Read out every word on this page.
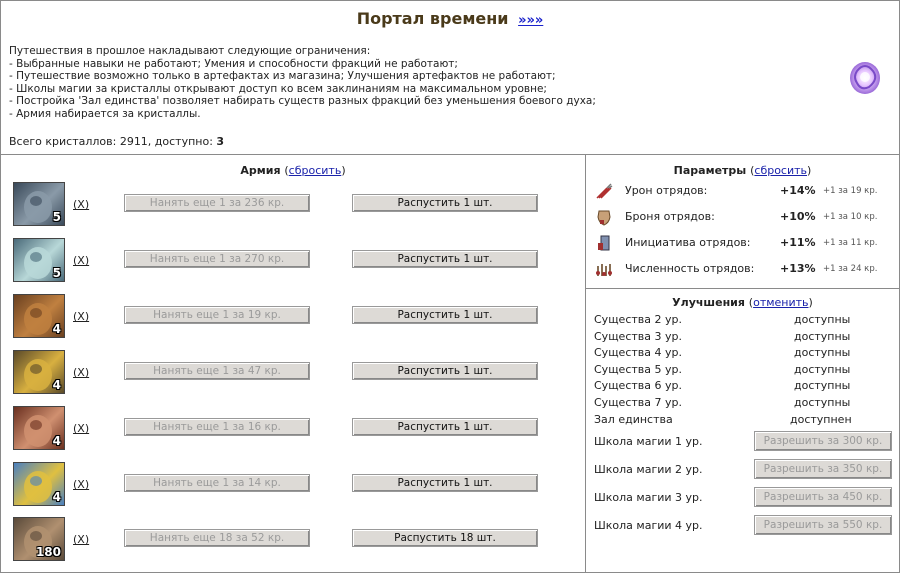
Портал времени »»»
Путешествия в прошлое накладывают следующие ограничения:
- Выбранные навыки не работают; Умения и способности фракций не работают;
- Путешествие возможно только в артефактах из магазина; Улучшения артефактов не работают;
- Школы магии за кристаллы открывают доступ ко всем заклинаниям на максимальном уровне;
- Постройка 'Зал единства' позволяет набирать существ разных фракций без уменьшения боевого духа;
- Армия набирается за кристаллы.
Всего кристаллов: 2911, доступно: 3
Армия (сбросить)
5
(X)	Нанять еще 1 за 236 кр.	Распустить 1 шт.
5
(X)	Нанять еще 1 за 270 кр.	Распустить 1 шт.
4
(X)	Нанять еще 1 за 19 кр.	Распустить 1 шт.
4
(X)	Нанять еще 1 за 47 кр.	Распустить 1 шт.
4
(X)	Нанять еще 1 за 16 кр.	Распустить 1 шт.
4
(X)	Нанять еще 1 за 14 кр.	Распустить 1 шт.
180
(X)	Нанять еще 18 за 52 кр.	Распустить 18 шт.
Параметры (сбросить)
Урон отрядов:	+14% +1 за 19 кр.
Броня отрядов:	+10% +1 за 10 кр.
Инициатива отрядов:	+11% +1 за 11 кр.
Численность отрядов: +13% +1 за 24 кр.
Улучшения (отменить)
Существа 2 ур.	доступны
Существа 3 ур.	доступны
Существа 4 ур.	доступны
Существа 5 ур.	доступны
Существа 6 ур.	доступны
Существа 7 ур.	доступны
Зал единства	доступнен
Школа магии 1 ур.	Разрешить за 300 кр.
Школа магии 2 ур.	Разрешить за 350 кр.
Школа магии 3 ур.	Разрешить за 450 кр.
Школа магии 4 ур.	Разрешить за 550 кр.
